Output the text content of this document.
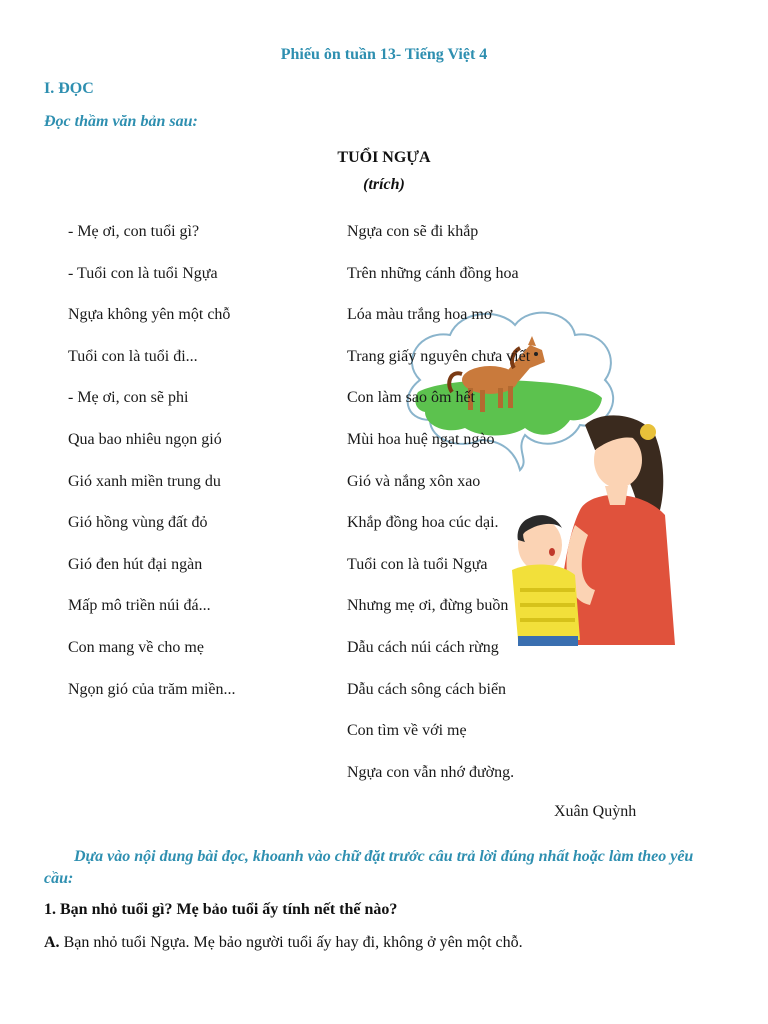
Phiếu ôn tuần 13- Tiếng Việt 4
I. ĐỌC
Đọc thầm văn bản sau:
TUỔI NGỰA
(trích)
- Mẹ ơi, con tuổi gì?
- Tuổi con là tuổi Ngựa
Ngựa không yên một chỗ
Tuổi con là tuổi đi...
- Mẹ ơi, con sẽ phi
Qua bao nhiêu ngọn gió
Gió xanh miền trung du
Gió hồng vùng đất đỏ
Gió đen hút đại ngàn
Mấp mô triền núi đá...
Con mang về cho mẹ
Ngọn gió của trăm miền...
Ngựa con sẽ đi khắp
Trên những cánh đồng hoa
Lóa màu trắng hoa mơ
Trang giấy nguyên chưa viết
Con làm sao ôm hết
Mùi hoa huệ ngạt ngào
Gió và nắng xôn xao
Khắp đồng hoa cúc dại.
Tuổi con là tuổi Ngựa
Nhưng mẹ ơi, đừng buồn
Dẫu cách núi cách rừng
Dẫu cách sông cách biển
Con tìm về với mẹ
Ngựa con vẫn nhớ đường.
Xuân Quỳnh
Dựa vào nội dung bài đọc, khoanh vào chữ đặt trước câu trả lời đúng nhất hoặc làm theo yêu cầu:
1. Bạn nhỏ tuổi gì? Mẹ bảo tuổi ấy tính nết thế nào?
A. Bạn nhỏ tuổi Ngựa. Mẹ bảo người tuổi ấy hay đi, không ở yên một chỗ.
